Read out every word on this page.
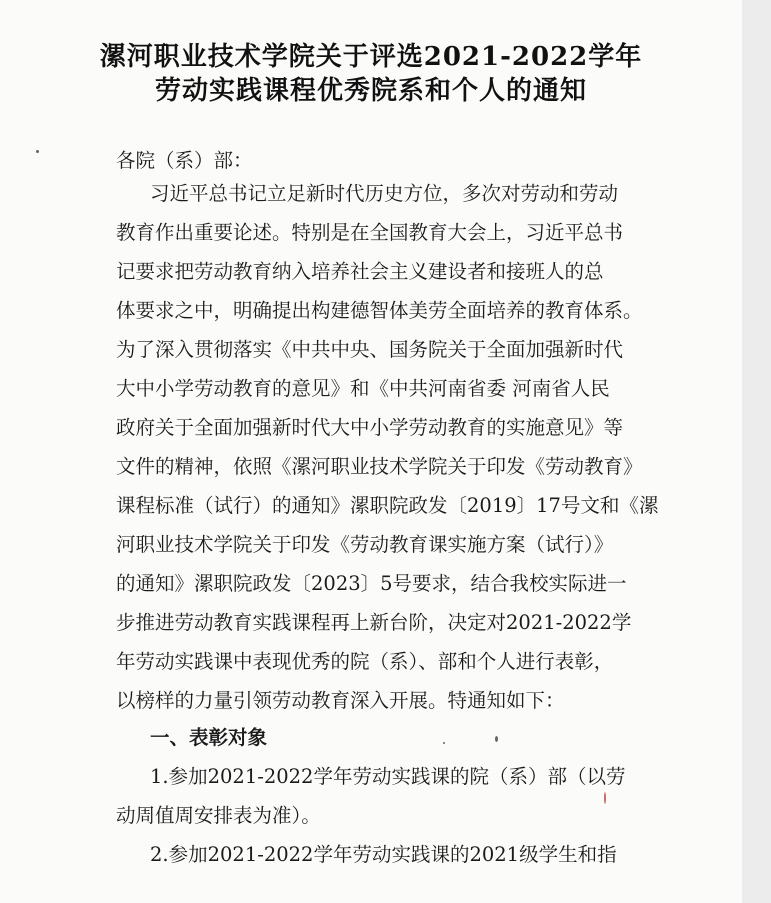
漯河职业技术学院关于评选2021-2022学年
劳动实践课程优秀院系和个人的通知

各院（系）部：

习近平总书记立足新时代历史方位，多次对劳动和劳动

教育作出重要论述。特别是在全国教育大会上，习近平总书

记要求把劳动教育纳入培养社会主义建设者和接班人的总

体要求之中，明确提出构建德智体美劳全面培养的教育体系。

为了深入贯彻落实《中共中央、国务院关于全面加强新时代

大中小学劳动教育的意见》和《中共河南省委 河南省人民

政府关于全面加强新时代大中小学劳动教育的实施意见》等

文件的精神，依照《漯河职业技术学院关于印发《劳动教育》

课程标准（试行）的通知》漯职院政发〔2019〕17号文和《漯

河职业技术学院关于印发《劳动教育课实施方案（试行）》

的通知》漯职院政发〔2023〕5号要求，结合我校实际进一

步推进劳动教育实践课程再上新台阶，决定对2021-2022学

年劳动实践课中表现优秀的院（系）、部和个人进行表彰，

以榜样的力量引领劳动教育深入开展。特通知如下：

一、表彰对象

1.参加2021-2022学年劳动实践课的院（系）部（以劳

动周值周安排表为准）。

2.参加2021-2022学年劳动实践课的2021级学生和指
